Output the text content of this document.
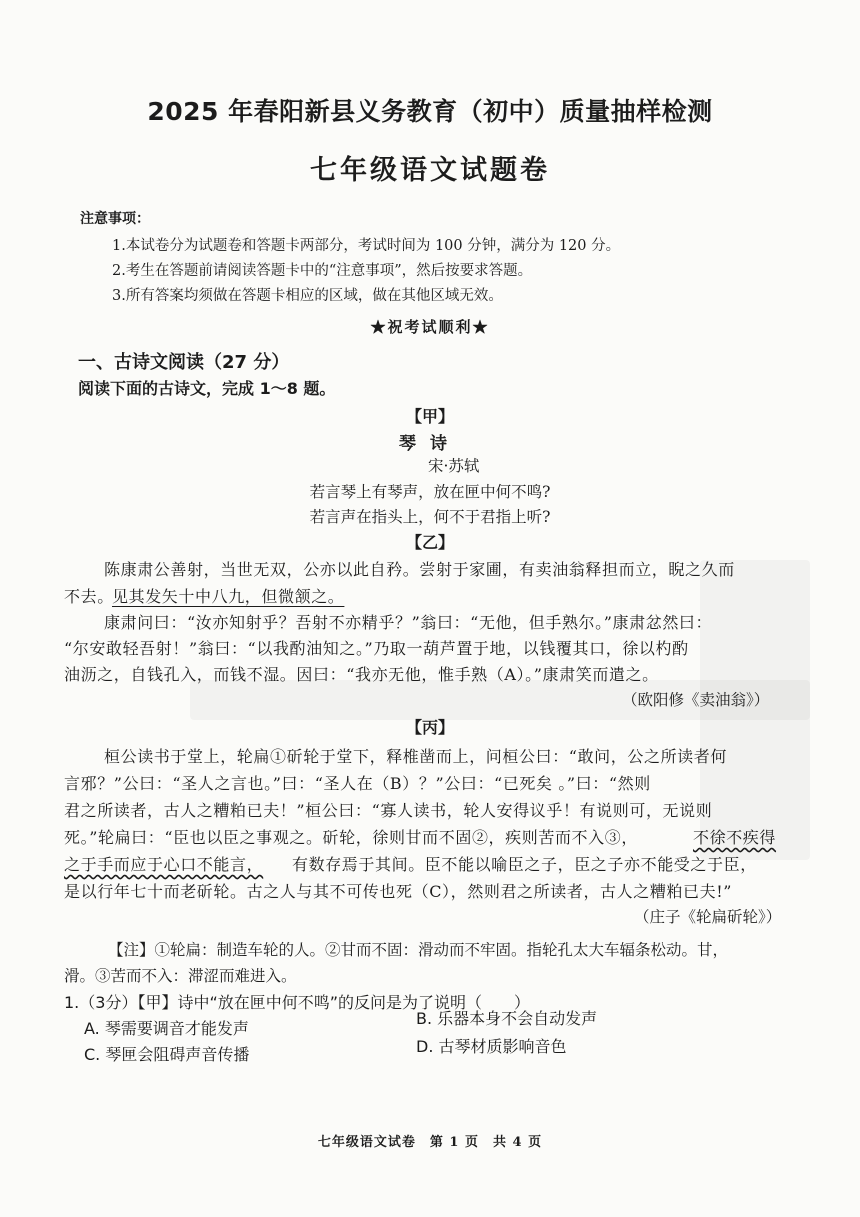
2025 年春阳新县义务教育（初中）质量抽样检测
七年级语文试题卷
注意事项：
1.本试卷分为试题卷和答题卡两部分，考试时间为 100 分钟，满分为 120 分。
2.考生在答题前请阅读答题卡中的“注意事项”，然后按要求答题。
3.所有答案均须做在答题卡相应的区域，做在其他区域无效。
★祝考试顺利★
一、古诗文阅读（27 分）
阅读下面的古诗文，完成 1～8 题。
【甲】
琴诗
宋·苏轼
若言琴上有琴声，放在匣中何不鸣?
若言声在指头上，何不于君指上听?
【乙】
陈康肃公善射，当世无双，公亦以此自矜。尝射于家圃，有卖油翁释担而立，睨之久而
不去。
见其发矢十中八九，但微颔之。
康肃问曰：“汝亦知射乎？吾射不亦精乎？”翁曰：“无他，但手熟尔。”康肃忿然曰：
“尔安敢轻吾射！”翁曰：“以我酌油知之。”乃取一葫芦置于地，以钱覆其口，徐以杓酌
油沥之，自钱孔入，而钱不湿。因曰：“我亦无他，惟手熟（A）。”康肃笑而遣之。
（欧阳修《卖油翁》）
【丙】
桓公读书于堂上，轮扁①斫轮于堂下，释椎凿而上，问桓公曰：“敢问，公之所读者何
言邪？”公曰：“圣人之言也。”曰：“圣人在（B）？”公曰：“已死矣 。”曰：“然则
君之所读者，古人之糟粕已夫！”桓公曰：“寡人读书，轮人安得议乎！有说则可，无说则
死。”轮扁曰：“臣也以臣之事观之。斫轮，徐则甘而不固②，疾则苦而不入③，	不徐不疾得
之于手而应于心口不能言， 有数存焉于其间。臣不能以喻臣之子，臣之子亦不能受之于臣，
是以行年七十而老斫轮。古之人与其不可传也死（C），然则君之所读者，古人之糟粕已夫!”
（庄子《轮扁斫轮》）
【注】①轮扁：制造车轮的人。②甘而不固：滑动而不牢固。指轮孔太大车辐条松动。甘，
滑。③苦而不入：滞涩而难进入。
1.（3分）【甲】诗中“放在匣中何不鸣”的反问是为了说明（　　）
A. 琴需要调音才能发声
B. 乐器本身不会自动发声
C. 琴匣会阻碍声音传播	D. 古琴材质影响音色
七年级语文试卷　第 1 页　共 4 页
